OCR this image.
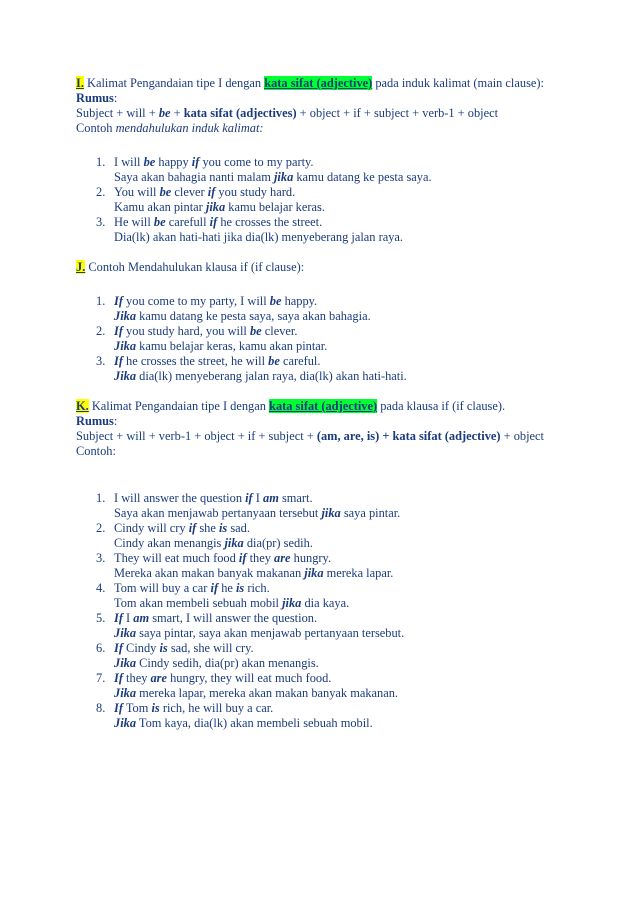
I. Kalimat Pengandaian tipe I dengan kata sifat (adjective) pada induk kalimat (main clause):

Rumus:

Subject + will + be + kata sifat (adjectives) + object + if + subject + verb-1 + object

Contoh mendahulukan induk kalimat:

1. I will be happy if you come to my party.
Saya akan bahagia nanti malam jika kamu datang ke pesta saya.
2. You will be clever if you study hard.
Kamu akan pintar jika kamu belajar keras.
3. He will be carefull if he crosses the street.
Dia(lk) akan hati-hati jika dia(lk) menyeberang jalan raya.

J. Contoh Mendahulukan klausa if (if clause):

1. If you come to my party, I will be happy.
Jika kamu datang ke pesta saya, saya akan bahagia.
2. If you study hard, you will be clever.
Jika kamu belajar keras, kamu akan pintar.
3. If he crosses the street, he will be careful.
Jika dia(lk) menyeberang jalan raya, dia(lk) akan hati-hati.

K. Kalimat Pengandaian tipe I dengan kata sifat (adjective) pada klausa if (if clause).

Rumus:

Subject + will + verb-1 + object + if + subject + (am, are, is) + kata sifat (adjective) + object

Contoh:

1. I will answer the question if I am smart.
Saya akan menjawab pertanyaan tersebut jika saya pintar.
2. Cindy will cry if she is sad.
Cindy akan menangis jika dia(pr) sedih.
3. They will eat much food if they are hungry.
Mereka akan makan banyak makanan jika mereka lapar.
4. Tom will buy a car if he is rich.
Tom akan membeli sebuah mobil jika dia kaya.
5. If I am smart, I will answer the question.
Jika saya pintar, saya akan menjawab pertanyaan tersebut.
6. If Cindy is sad, she will cry.
Jika Cindy sedih, dia(pr) akan menangis.
7. If they are hungry, they will eat much food.
Jika mereka lapar, mereka akan makan banyak makanan.
8. If Tom is rich, he will buy a car.
Jika Tom kaya, dia(lk) akan membeli sebuah mobil.
